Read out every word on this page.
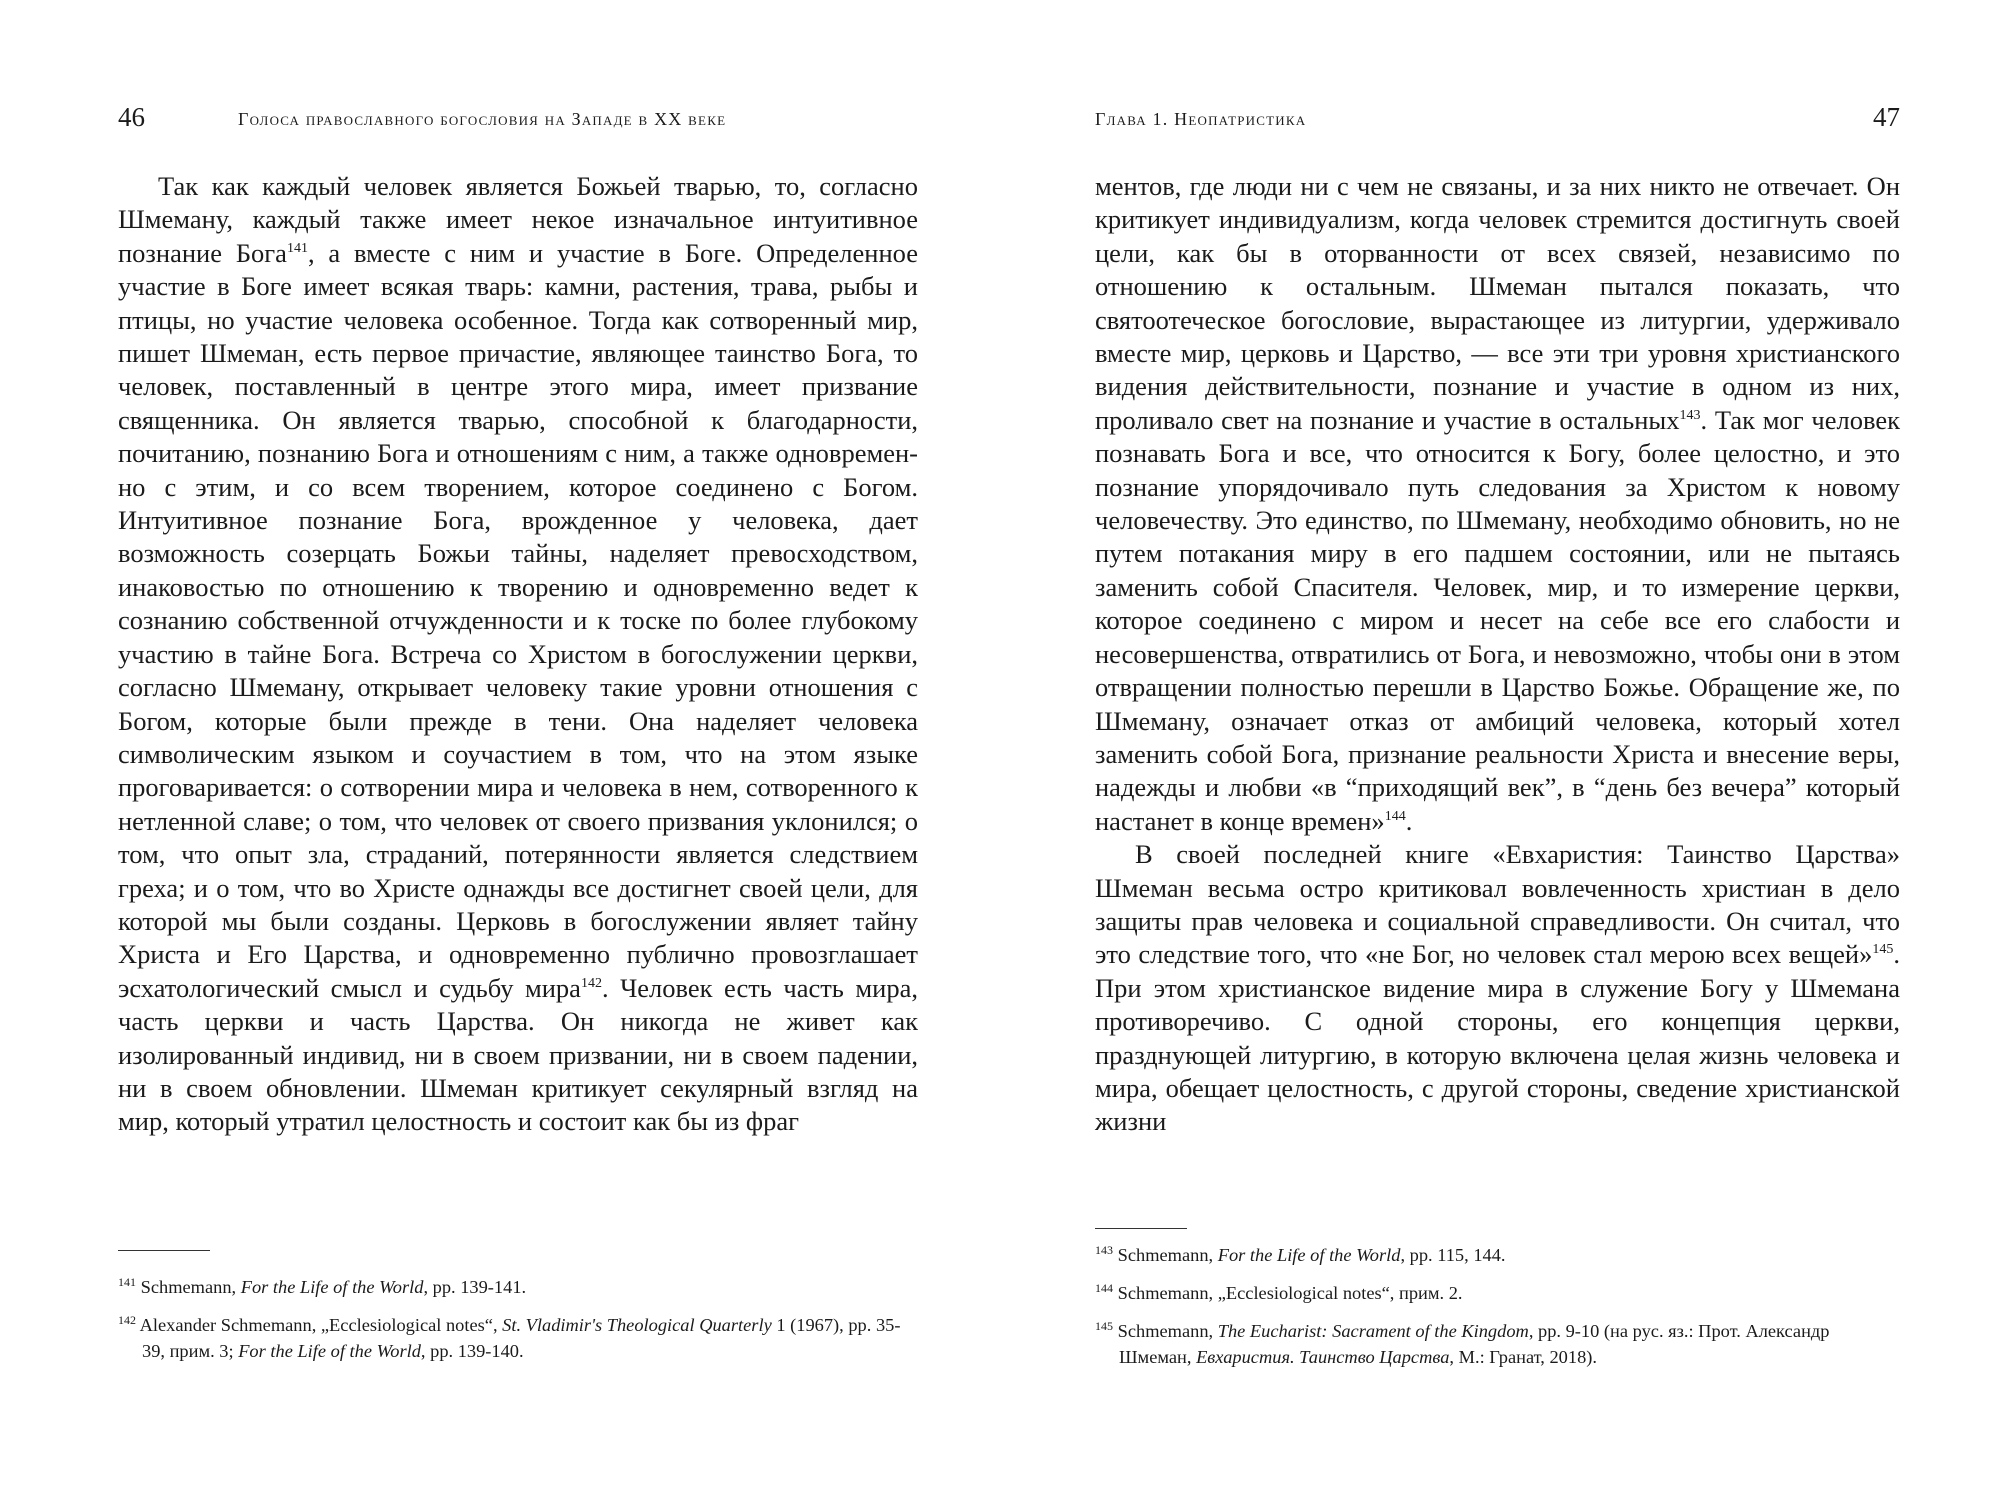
46	Голоса православного богословия на Западе в XX веке

Так как каждый человек является Божьей тварью, то, согласно Шмеману, каждый также имеет некое изначальное интуитивное познание Бога$^{141}$, а вместе с ним и участие в Боге. Определенное участие в Боге имеет всякая тварь: камни, растения, трава, рыбы и птицы, но участие человека особенное. Тогда как сотворенный мир, пишет Шмеман, есть первое причастие, являющее таинство Бога, то человек, поставленный в центре этого мира, имеет призвание священника. Он является тварью, способной к благодарности, почитанию, познанию Бога и отношениям с ним, а также одновременно с этим, и со всем творением, которое соединено с Богом. Интуитивное познание Бога, врожденное у человека, дает возможность созерцать Божьи тайны, наделяет превосходством, инаковостью по отношению к творению и одновременно ведет к сознанию собственной отчужденности и к тоске по более глубокому участию в тайне Бога. Встреча со Христом в богослужении церкви, согласно Шмеману, открывает человеку такие уровни отношения с Богом, которые были прежде в тени. Она наделяет человека символическим языком и соучастием в том, что на этом языке проговаривается: о сотворении мира и человека в нем, сотворенного к нетленной славе; о том, что человек от своего призвания уклонился; о том, что опыт зла, страданий, потерянности является следствием греха; и о том, что во Христе однажды все достигнет своей цели, для которой мы были созданы. Церковь в богослужении являет тайну Христа и Его Царства, и одновременно публично провозглашает эсхатологический смысл и судьбу мира$^{142}$. Человек есть часть мира, часть церкви и часть Царства. Он никогда не живет как изолированный индивид, ни в своем призвании, ни в своем падении, ни в своем обновлении. Шмеман критикует секулярный взгляд на мир, который утратил целостность и состоит как бы из фраг

$^{141}$ Schmemann, For the Life of the World, pp. 139-141.

$^{142}$ Alexander Schmemann, „Ecclesiological notes“, St. Vladimir's Theological Quarterly 1 (1967), pp. 35-39, прим. 3; For the Life of the World, pp. 139-140.

Глава 1. Неопатристика	47

ментов, где люди ни с чем не связаны, и за них никто не отвечает. Он критикует индивидуализм, когда человек стремится достигнуть своей цели, как бы в оторванности от всех связей, независимо по отношению к остальным. Шмеман пытался показать, что святоотеческое богословие, вырастающее из литургии, удерживало вместе мир, церковь и Царство, — все эти три уровня христианского видения действительности, познание и участие в одном из них, проливало свет на познание и участие в остальных$^{143}$. Так мог человек познавать Бога и все, что относится к Богу, более целостно, и это познание упорядочивало путь следования за Христом к новому человечеству. Это единство, по Шмеману, необходимо обновить, но не путем потакания миру в его падшем состоянии, или не пытаясь заменить собой Спасителя. Человек, мир, и то измерение церкви, которое соединено с миром и несет на себе все его слабости и несовершенства, отвратились от Бога, и невозможно, чтобы они в этом отвращении полностью перешли в Царство Божье. Обращение же, по Шмеману, означает отказ от амбиций человека, который хотел заменить собой Бога, признание реальности Христа и внесение веры, надежды и любви «в “приходящий век”, в “день без вечера” который настанет в конце времен»$^{144}$.

В своей последней книге «Евхаристия: Таинство Царства» Шмеман весьма остро критиковал вовлеченность христиан в дело защиты прав человека и социальной справедливости. Он считал, что это следствие того, что «не Бог, но человек стал мерою всех вещей»$^{145}$. При этом христианское видение мира в служение Богу у Шмемана противоречиво. С одной стороны, его концепция церкви, празднующей литургию, в которую включена целая жизнь человека и мира, обещает целостность, с другой стороны, сведение христианской жизни

$^{143}$ Schmemann, For the Life of the World, pp. 115, 144.

$^{144}$ Schmemann, „Ecclesiological notes“, прим. 2.

$^{145}$ Schmemann, The Eucharist: Sacrament of the Kingdom, pp. 9-10 (на рус. яз.: Прот. Александр Шмеман, Евхаристия. Таинство Царства, М.: Гранат, 2018).
